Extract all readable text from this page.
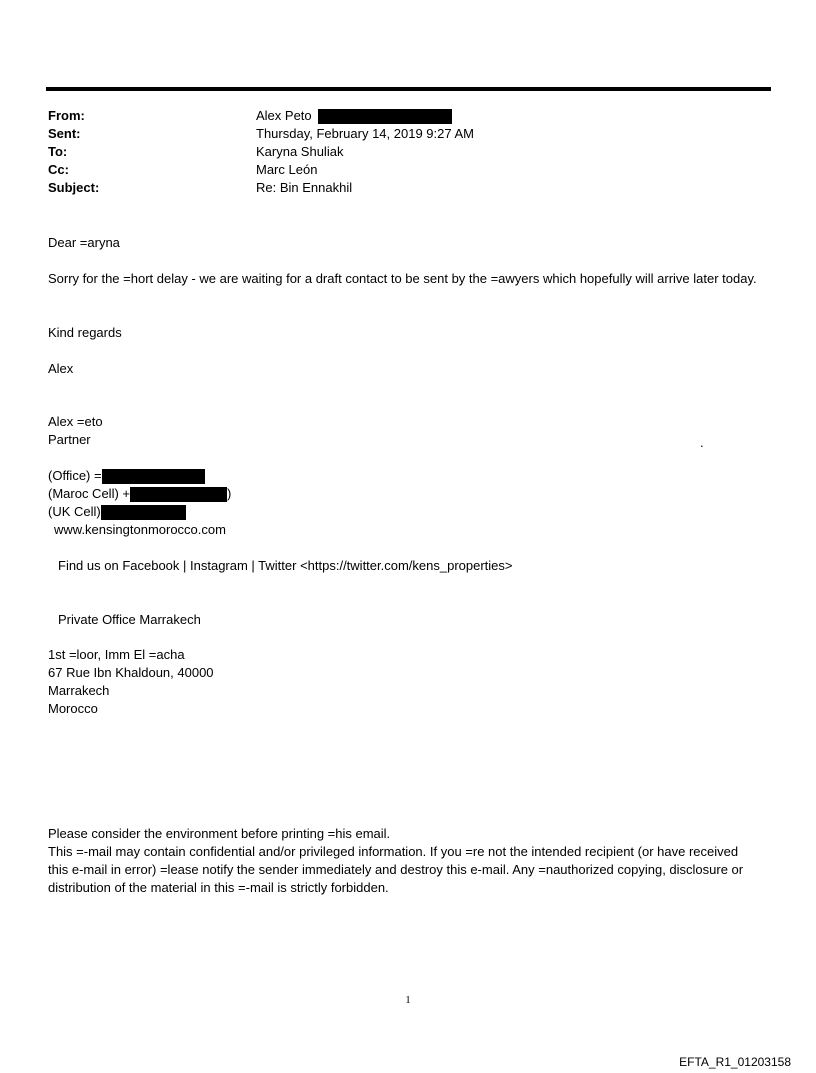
From:	Alex Peto
Sent:	Thursday, February 14, 2019 9:27 AM
To:	Karyna Shuliak
Cc:	Marc León
Subject:	Re: Bin Ennakhil
Dear =aryna
Sorry for the =hort delay - we are waiting for a draft contact to be sent by the =awyers which hopefully will arrive later today.
Kind regards
Alex
Alex =eto
Partner	.
(Office) =
(Maroc Cell) +	)
(UK Cell)
www.kensingtonmorocco.com
Find us on Facebook | Instagram | Twitter <https://twitter.com/kens_properties>
Private Office Marrakech
1st =loor, Imm El =acha
67 Rue Ibn Khaldoun, 40000
Marrakech
Morocco
Please consider the environment before printing =his email.
This =-mail may contain confidential and/or privileged information. If you =re not the intended recipient (or have received this e-mail in error) =lease notify the sender immediately and destroy this e-mail. Any =nauthorized copying, disclosure or distribution of the material in this =-mail is strictly forbidden.
1
EFTA_R1_01203158
